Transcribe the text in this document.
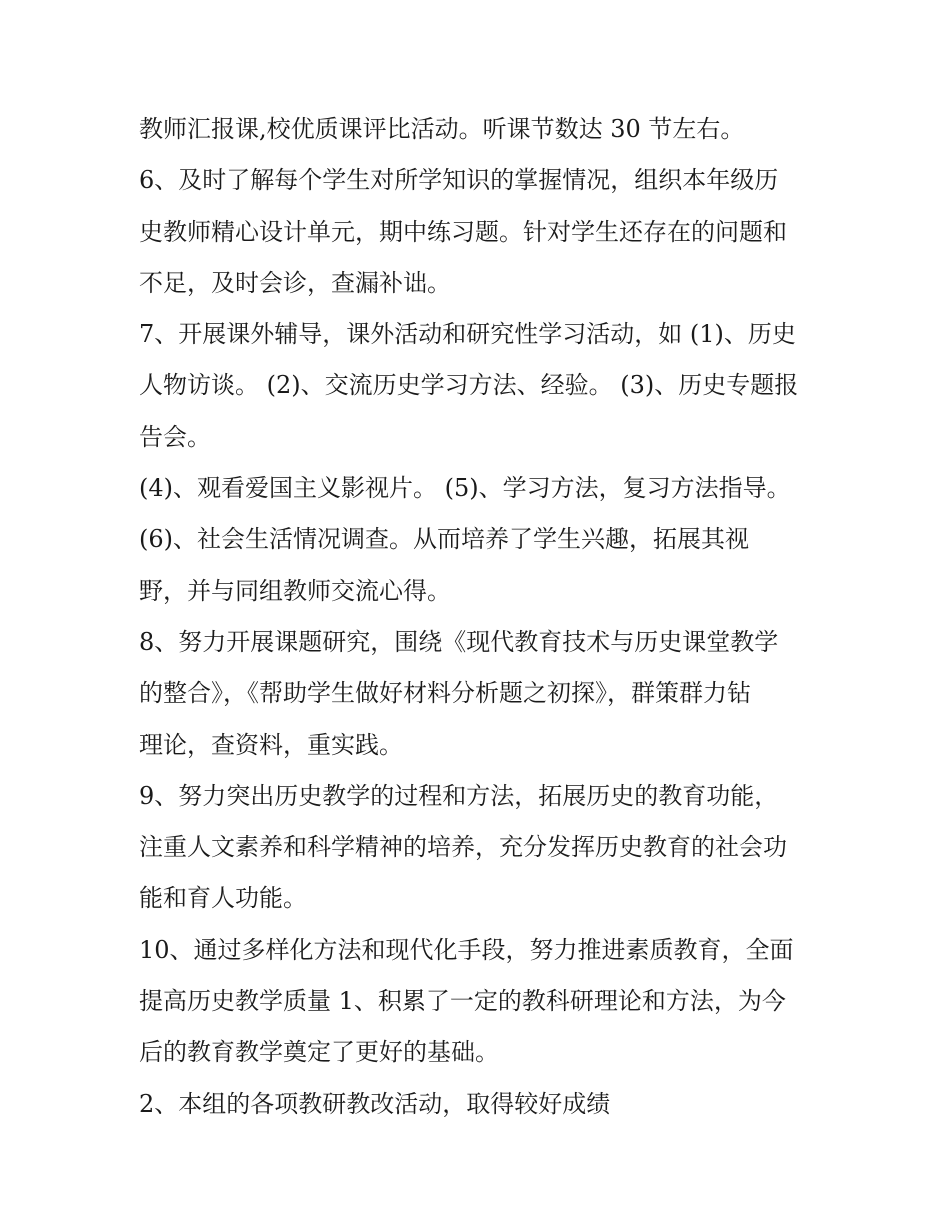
教师汇报课,校优质课评比活动。听课节数达 30 节左右。
6、及时了解每个学生对所学知识的掌握情况，组织本年级历
史教师精心设计单元，期中练习题。针对学生还存在的问题和
不足，及时会诊，查漏补诎。
7、开展课外辅导，课外活动和研究性学习活动，如 (1)、历史
人物访谈。 (2)、交流历史学习方法、经验。 (3)、历史专题报
告会。
(4)、观看爱国主义影视片。 (5)、学习方法，复习方法指导。
(6)、社会生活情况调查。从而培养了学生兴趣，拓展其视
野，并与同组教师交流心得。
8、努力开展课题研究，围绕《现代教育技术与历史课堂教学
的整合》，《帮助学生做好材料分析题之初探》，群策群力钻
理论，查资料，重实践。
9、努力突出历史教学的过程和方法，拓展历史的教育功能，
注重人文素养和科学精神的培养，充分发挥历史教育的社会功
能和育人功能。
10、通过多样化方法和现代化手段，努力推进素质教育，全面
提高历史教学质量 1、积累了一定的教科研理论和方法，为今
后的教育教学奠定了更好的基础。
2、本组的各项教研教改活动，取得较好成绩
